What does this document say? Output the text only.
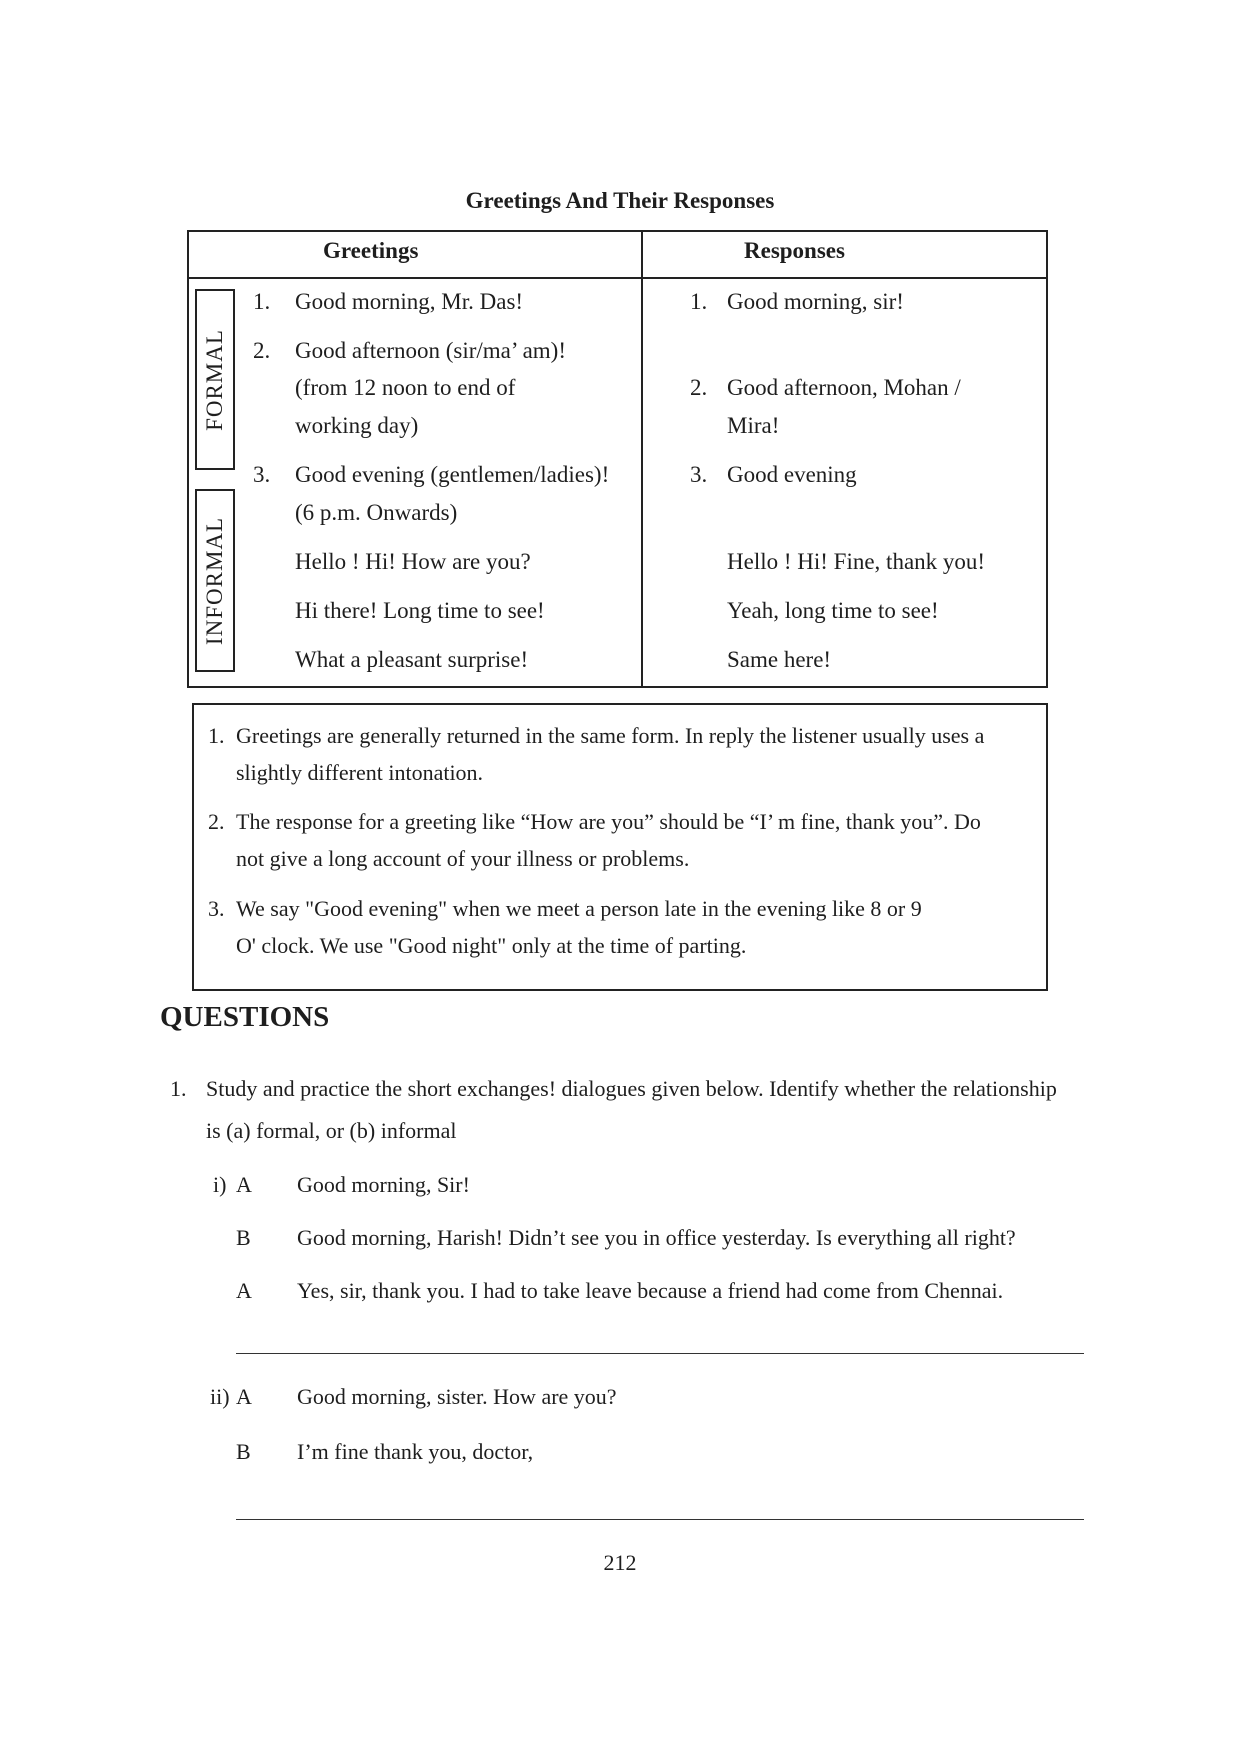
Greetings And Their Responses
Greetings	Responses
FORMAL
INFORMAL
1. Good morning, Mr. Das!
2. Good afternoon (sir/ma’ am)!
(from 12 noon to end of
working day)
3. Good evening (gentlemen/ladies)!
(6 p.m. Onwards)
Hello ! Hi! How are you?
Hi there! Long time to see!
What a pleasant surprise!
1. Good morning, sir!
2. Good afternoon, Mohan /
Mira!
3. Good evening
Hello ! Hi! Fine, thank you!
Yeah, long time to see!
Same here!
1. Greetings are generally returned in the same form. In reply the listener usually uses a
slightly different intonation.
2. The response for a greeting like “How are you” should be “I’ m fine, thank you”. Do
not give a long account of your illness or problems.
3. We say "Good evening" when we meet a person late in the evening like 8 or 9
O' clock. We use "Good night" only at the time of parting.
QUESTIONS
1. Study and practice the short exchanges! dialogues given below. Identify whether the relationship
is (a) formal, or (b) informal
i) A Good morning, Sir!
B Good morning, Harish! Didn’t see you in office yesterday. Is everything all right?
A Yes, sir, thank you. I had to take leave because a friend had come from Chennai.
ii) A Good morning, sister. How are you?
B I’m fine thank you, doctor,
212
